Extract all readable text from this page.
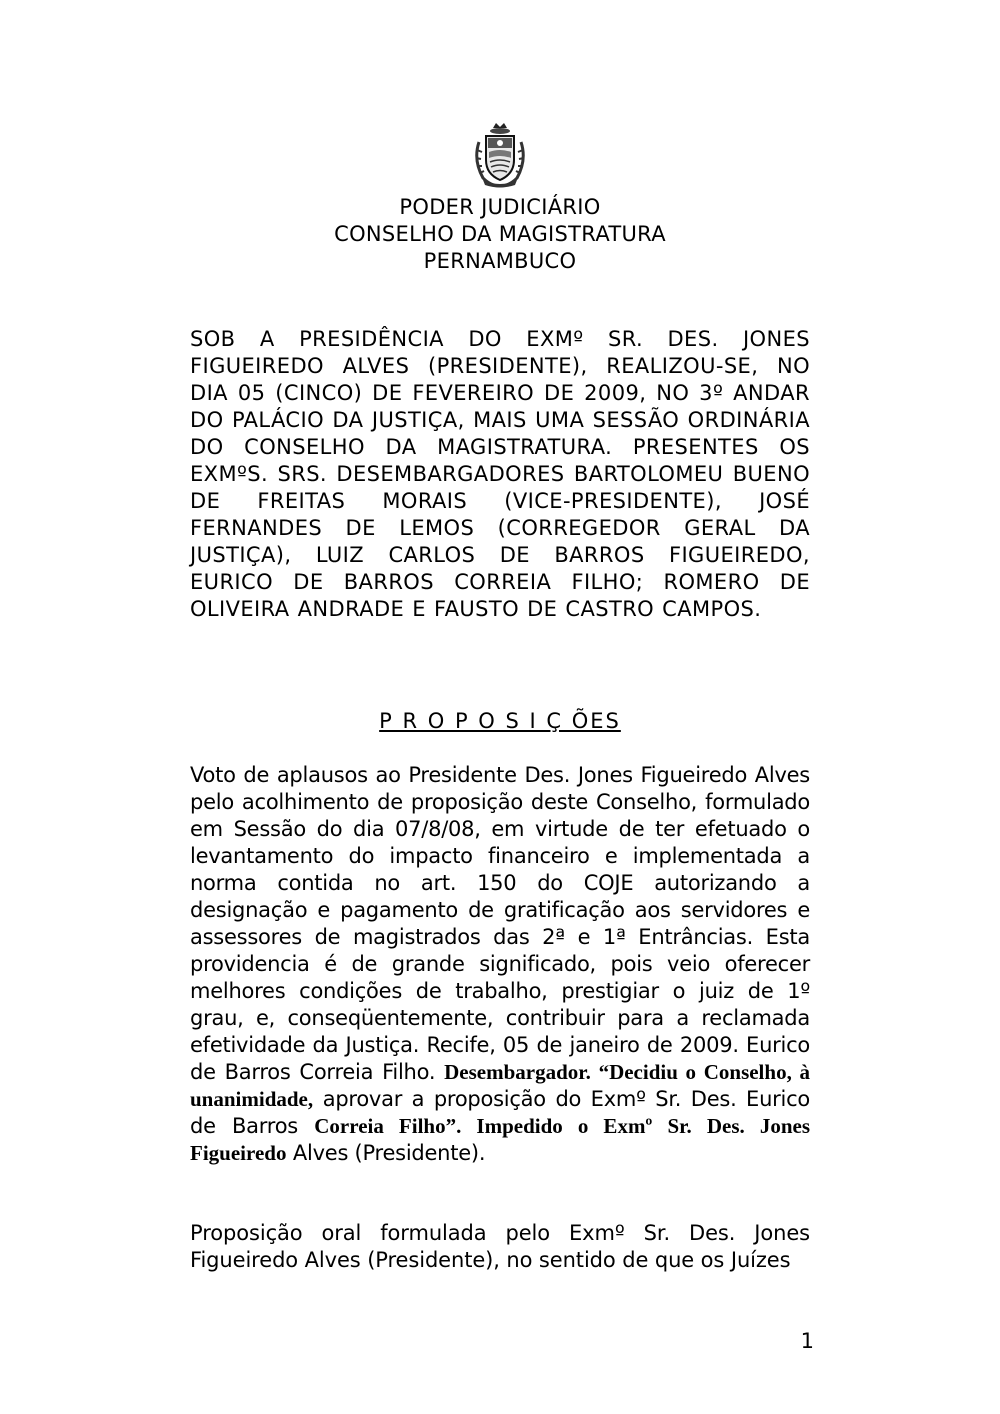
PODER JUDICIÁRIO
CONSELHO DA MAGISTRATURA
PERNAMBUCO
SOB A PRESIDÊNCIA DO EXMº SR. DES. JONES FIGUEIREDO ALVES (PRESIDENTE), REALIZOU-SE, NO DIA 05 (CINCO) DE FEVEREIRO DE 2009, NO 3º ANDAR DO PALÁCIO DA JUSTIÇA, MAIS UMA SESSÃO ORDINÁRIA DO CONSELHO DA MAGISTRATURA. PRESENTES OS EXMºS. SRS. DESEMBARGADORES BARTOLOMEU BUENO DE FREITAS MORAIS (VICE-PRESIDENTE), JOSÉ FERNANDES DE LEMOS (CORREGEDOR GERAL DA JUSTIÇA), LUIZ CARLOS DE BARROS FIGUEIREDO, EURICO DE BARROS CORREIA FILHO; ROMERO DE OLIVEIRA ANDRADE E FAUSTO DE CASTRO CAMPOS.
P R O P O S I Ç ÕES
Voto de aplausos ao Presidente Des. Jones Figueiredo Alves pelo acolhimento de proposição deste Conselho, formulado em Sessão do dia 07/8/08, em virtude de ter efetuado o levantamento do impacto financeiro e implementada a norma contida no art. 150 do COJE autorizando a designação e pagamento de gratificação aos servidores e assessores de magistrados das 2ª e 1ª Entrâncias. Esta providencia é de grande significado, pois veio oferecer melhores condições de trabalho, prestigiar o juiz de 1º grau, e, conseqüentemente, contribuir para a reclamada efetividade da Justiça. Recife, 05 de janeiro de 2009. Eurico de Barros Correia Filho. Desembargador. “Decidiu o Conselho, à unanimidade, aprovar a proposição do Exmº Sr. Des. Eurico de Barros Correia Filho”. Impedido o Exmº Sr. Des. Jones Figueiredo Alves (Presidente).
Proposição oral formulada pelo Exmº Sr. Des. Jones Figueiredo Alves (Presidente), no sentido de que os Juízes
1
